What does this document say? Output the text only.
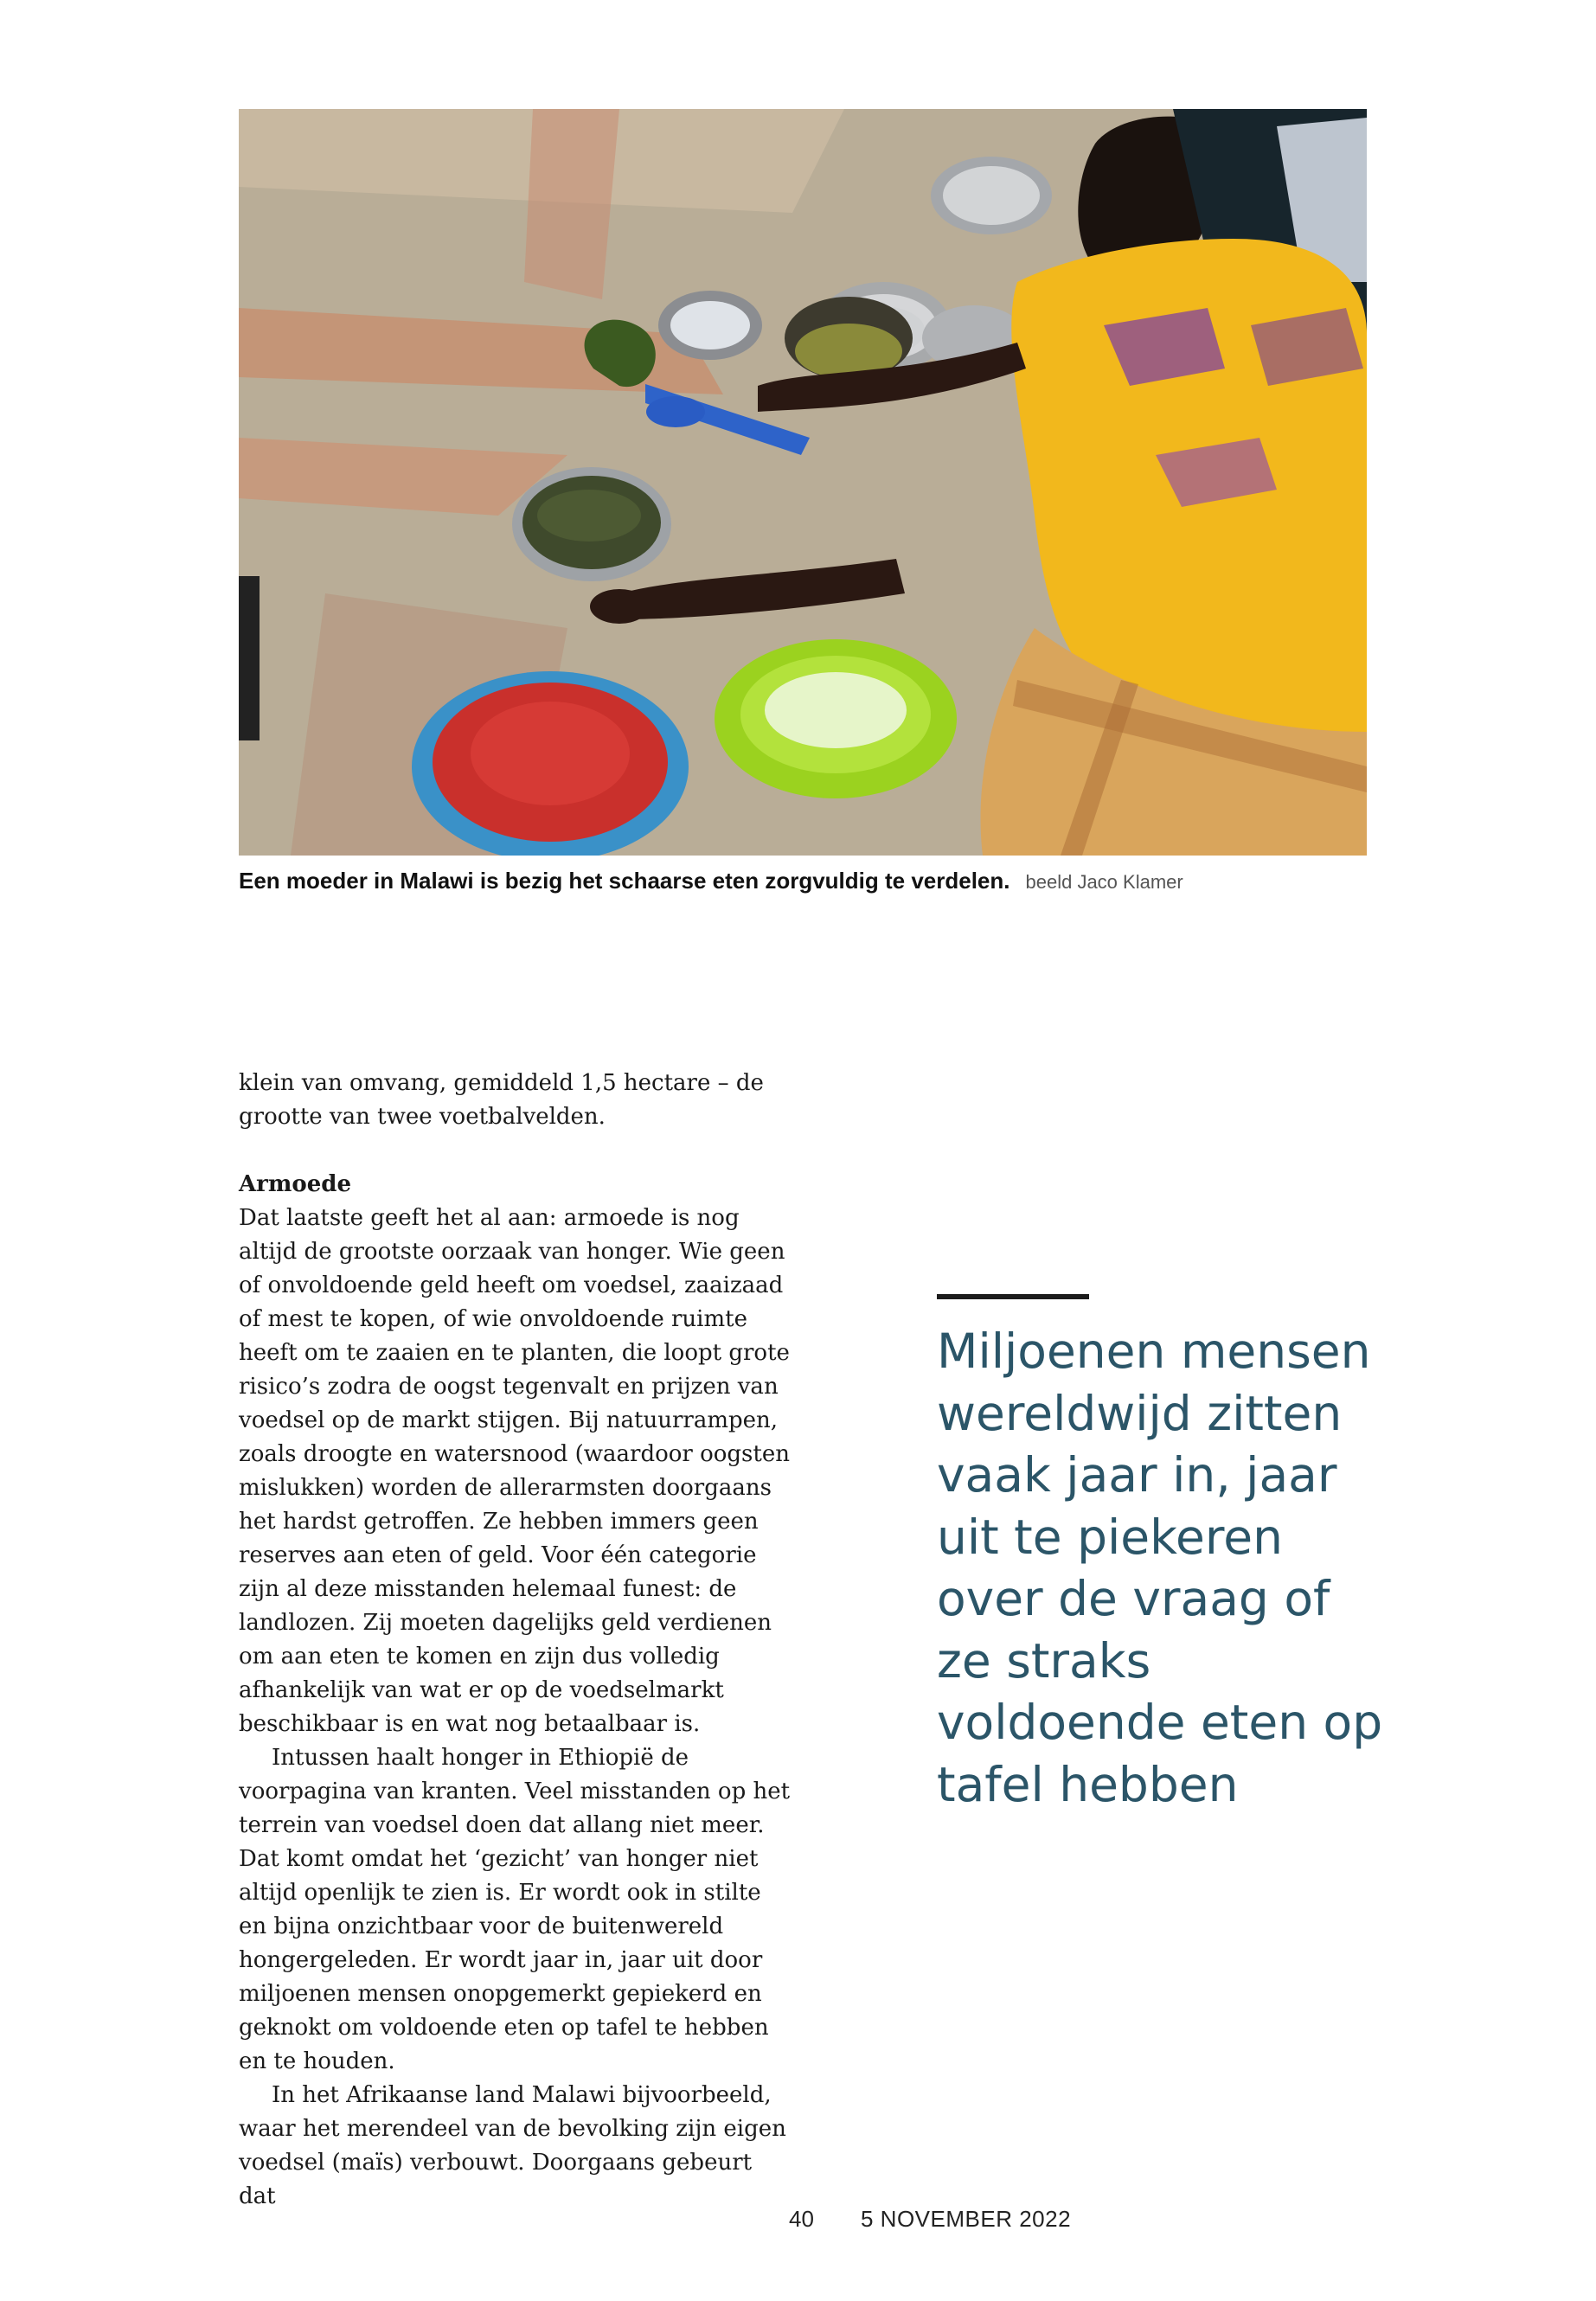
Een moeder in Malawi is bezig het schaarse eten zorgvuldig te verdelen. beeld Jaco Klamer

klein van omvang, gemiddeld 1,5 hectare – de grootte van twee voetbalvelden.

Armoede

Dat laatste geeft het al aan: armoede is nog altijd de grootste oorzaak van honger. Wie geen of onvoldoende geld heeft om voedsel, zaaizaad of mest te kopen, of wie onvoldoende ruimte heeft om te zaaien en te planten, die loopt grote risico’s zodra de oogst tegenvalt en prijzen van voedsel op de markt stijgen. Bij natuurrampen, zoals droogte en watersnood (waardoor oogsten mislukken) worden de allerarmsten doorgaans het hardst getroffen. Ze hebben immers geen reserves aan eten of geld. Voor één categorie zijn al deze misstanden helemaal funest: de landlozen. Zij moeten dagelijks geld verdienen om aan eten te komen en zijn dus volledig afhankelijk van wat er op de voedselmarkt beschikbaar is en wat nog betaalbaar is.

Intussen haalt honger in Ethiopië de voorpagina van kranten. Veel misstanden op het terrein van voedsel doen dat allang niet meer. Dat komt omdat het ‘gezicht’ van honger niet altijd openlijk te zien is. Er wordt ook in stilte en bijna onzichtbaar voor de buitenwereld hongergeleden. Er wordt jaar in, jaar uit door miljoenen mensen onopgemerkt gepiekerd en geknokt om voldoende eten op tafel te hebben en te houden.

In het Afrikaanse land Malawi bijvoorbeeld, waar het merendeel van de bevolking zijn eigen voedsel (maïs) verbouwt. Doorgaans gebeurt dat

Miljoenen mensen wereldwijd zitten vaak jaar in, jaar uit te piekeren over de vraag of ze straks voldoende eten op tafel hebben
40 5 NOVEMBER 2022
